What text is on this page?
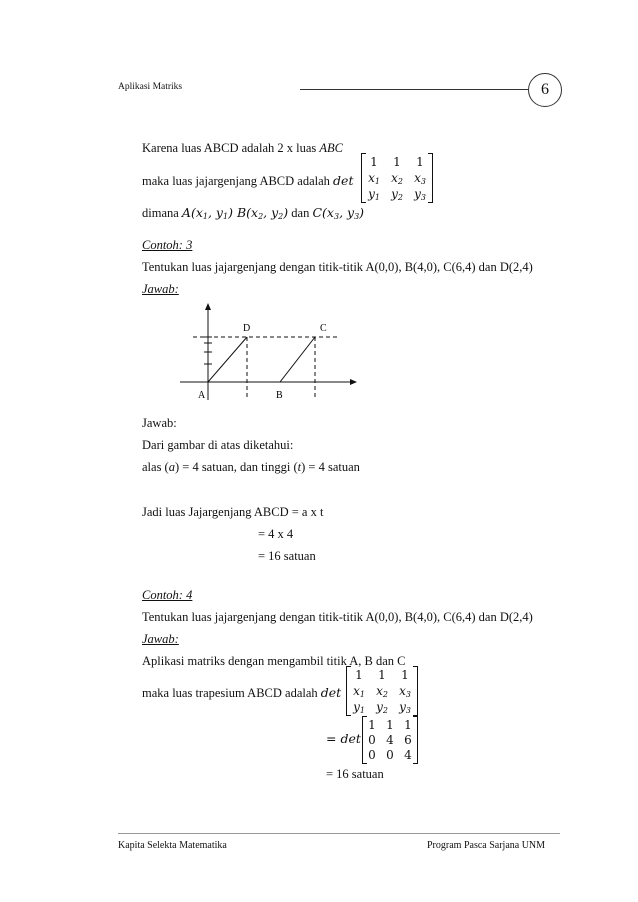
Aplikasi Matriks	6
Karena luas ABCD adalah 2 x luas ABC
maka luas jajargenjang ABCD adalah det
1	1	1
$x_1$ $x_2$ $x_3$
$y_1$ $y_2$ $y_3$
dimana $A(x_1$, $y_1$) $B(x_2$, $y_2$) dan $C(x_3$, $y_3$)
Contoh: 3
Tentukan luas jajargenjang dengan titik-titik A(0,0), B(4,0), C(6,4) dan D(2,4)
Jawab:
D	C
A	B
Jawab:
Dari gambar di atas diketahui:
alas (a) = 4 satuan, dan tinggi (t) = 4 satuan
Jadi luas Jajargenjang ABCD = a x t
= 4 x 4
= 16 satuan
Contoh: 4
Tentukan luas jajargenjang dengan titik-titik A(0,0), B(4,0), C(6,4) dan D(2,4)
Jawab:
Aplikasi matriks dengan mengambil titik A, B dan C
maka luas trapesium ABCD adalah det
1	1	1
$x_1$ $x_2$ $x_3$
$y_1$ $y_2$ $y_3$
= det
1 1 1
0 4 6
0 0 4
= 16 satuan
Kapita Selekta Matematika	Program Pasca Sarjana UNM
